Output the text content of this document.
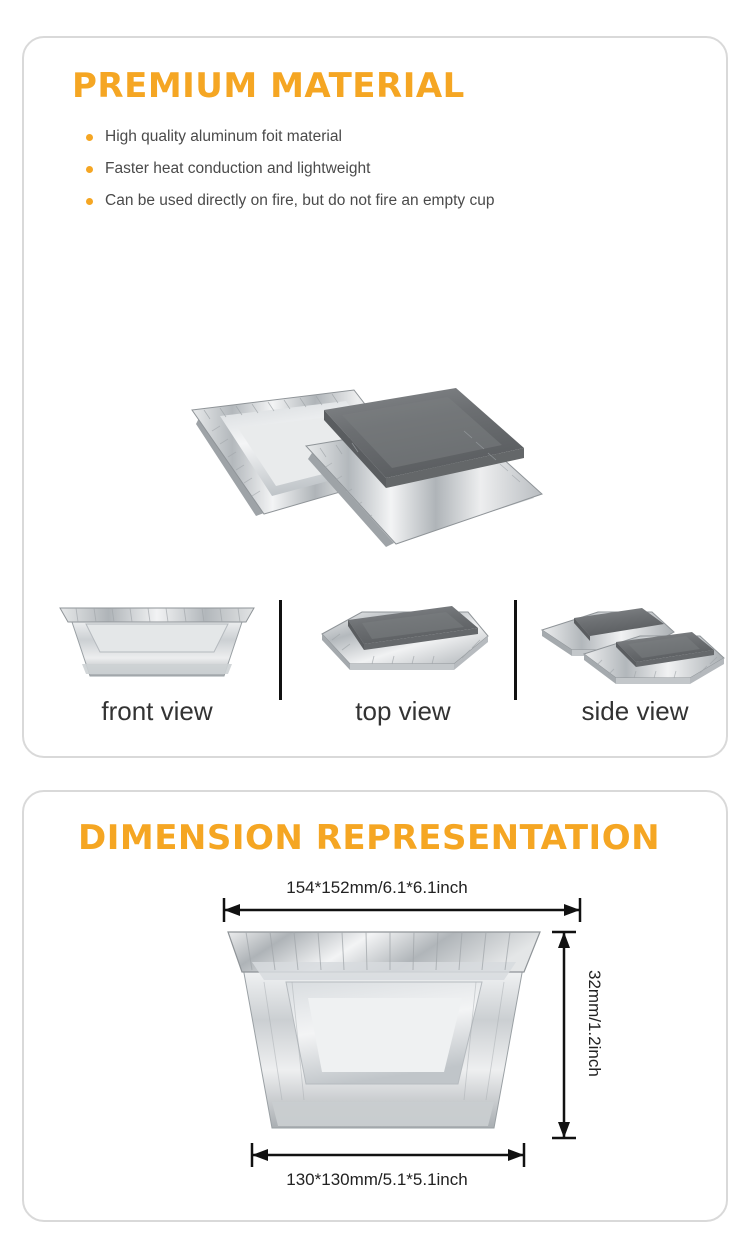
PREMIUM MATERIAL
High quality aluminum foit material
Faster heat conduction and lightweight
Can be used directly on fire, but do not fire an empty cup
front view	top view	side view
DIMENSION REPRESENTATION
154*152mm/6.1*6.1inch
130*130mm/5.1*5.1inch
32mm/1.2inch
